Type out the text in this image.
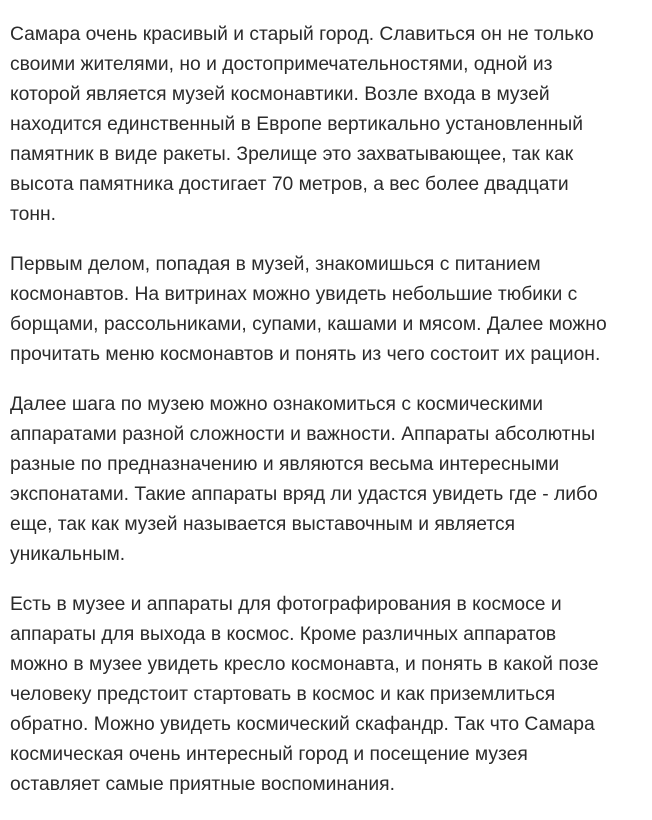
Самара очень красивый и старый город. Славиться он не только
своими жителями, но и достопримечательностями, одной из
которой является музей космонавтики. Возле входа в музей
находится единственный в Европе вертикально установленный
памятник в виде ракеты. Зрелище это захватывающее, так как
высота памятника достигает 70 метров, а вес более двадцати
тонн.

Первым делом, попадая в музей, знакомишься с питанием
космонавтов. На витринах можно увидеть небольшие тюбики с
борщами, рассольниками, супами, кашами и мясом. Далее можно
прочитать меню космонавтов и понять из чего состоит их рацион.

Далее шага по музею можно ознакомиться с космическими
аппаратами разной сложности и важности. Аппараты абсолютны
разные по предназначению и являются весьма интересными
экспонатами. Такие аппараты вряд ли удастся увидеть где - либо
еще, так как музей называется выставочным и является
уникальным.

Есть в музее и аппараты для фотографирования в космосе и
аппараты для выхода в космос. Кроме различных аппаратов
можно в музее увидеть кресло космонавта, и понять в какой позе
человеку предстоит стартовать в космос и как приземлиться
обратно. Можно увидеть космический скафандр. Так что Самара
космическая очень интересный город и посещение музея
оставляет самые приятные воспоминания.
